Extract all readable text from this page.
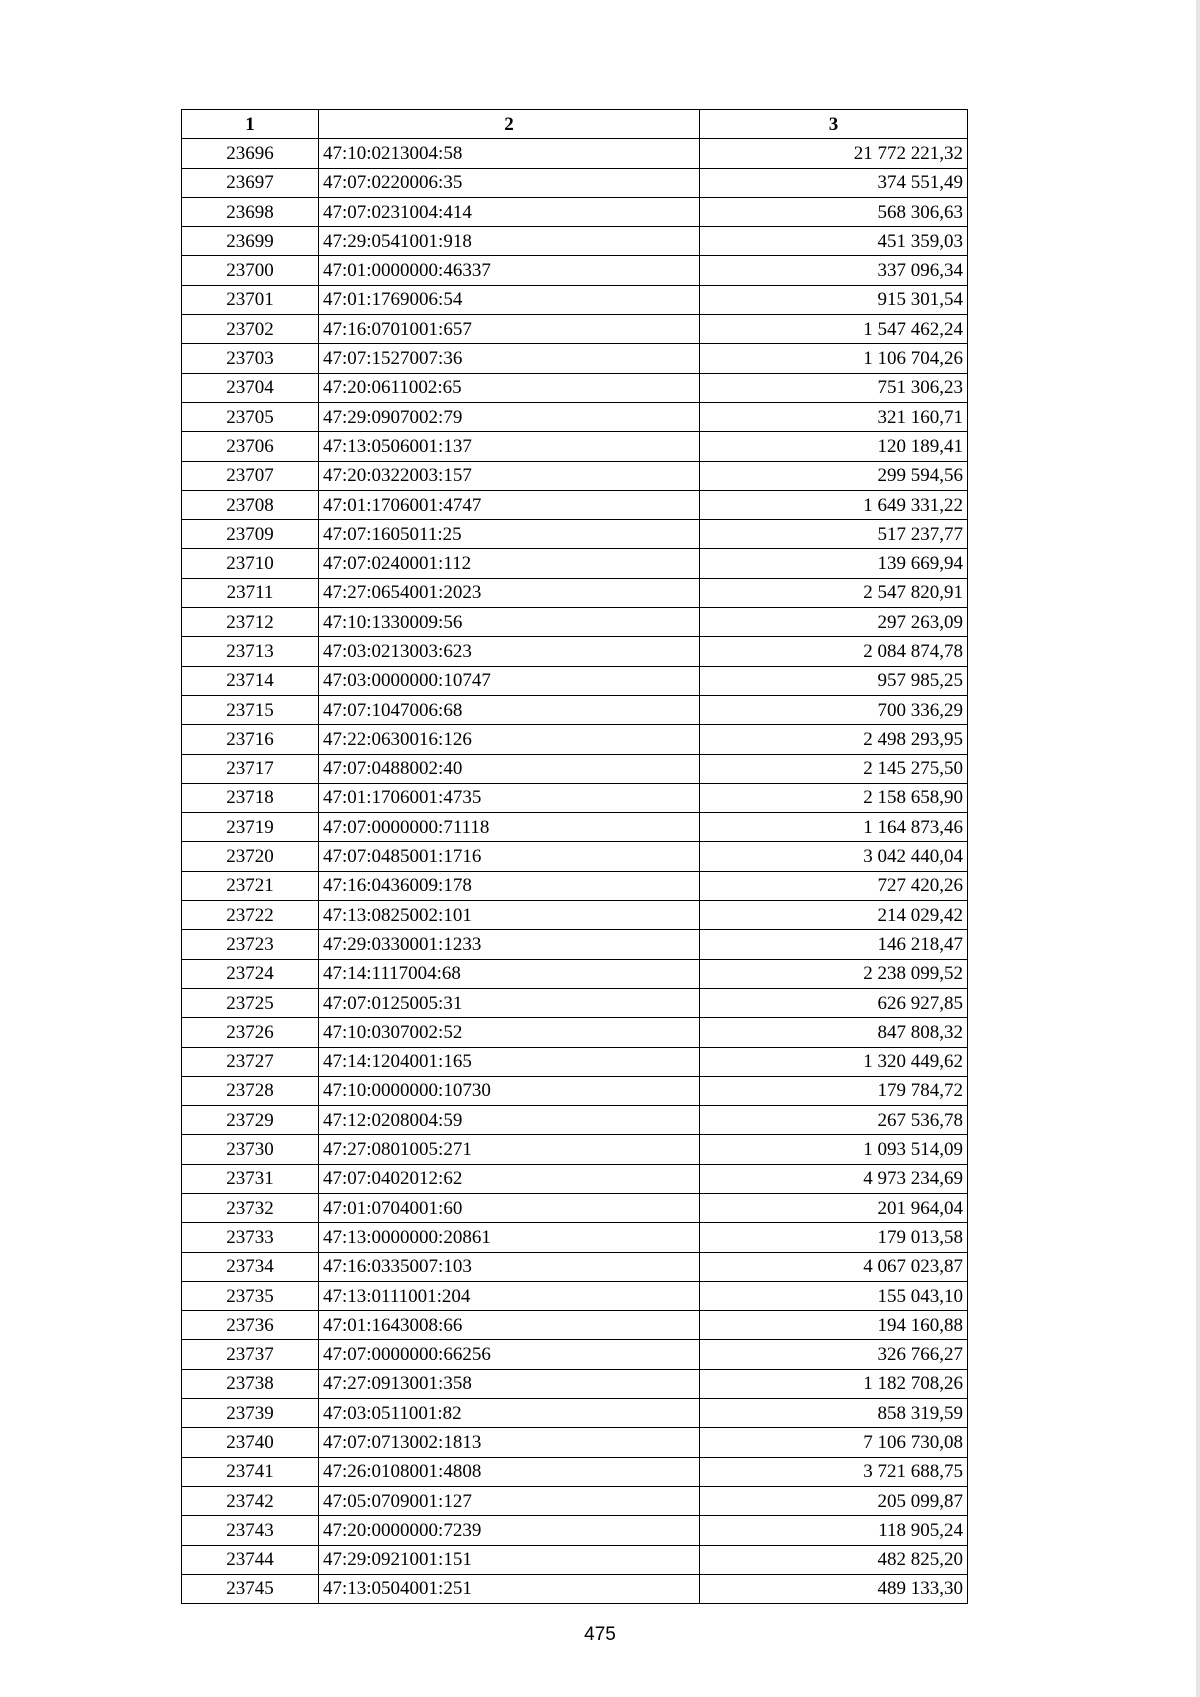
1	2	3
23696	47:10:0213004:58	21 772 221,32
23697	47:07:0220006:35	374 551,49
23698	47:07:0231004:414	568 306,63
23699	47:29:0541001:918	451 359,03
23700	47:01:0000000:46337	337 096,34
23701	47:01:1769006:54	915 301,54
23702	47:16:0701001:657	1 547 462,24
23703	47:07:1527007:36	1 106 704,26
23704	47:20:0611002:65	751 306,23
23705	47:29:0907002:79	321 160,71
23706	47:13:0506001:137	120 189,41
23707	47:20:0322003:157	299 594,56
23708	47:01:1706001:4747	1 649 331,22
23709	47:07:1605011:25	517 237,77
23710	47:07:0240001:112	139 669,94
23711	47:27:0654001:2023	2 547 820,91
23712	47:10:1330009:56	297 263,09
23713	47:03:0213003:623	2 084 874,78
23714	47:03:0000000:10747	957 985,25
23715	47:07:1047006:68	700 336,29
23716	47:22:0630016:126	2 498 293,95
23717	47:07:0488002:40	2 145 275,50
23718	47:01:1706001:4735	2 158 658,90
23719	47:07:0000000:71118	1 164 873,46
23720	47:07:0485001:1716	3 042 440,04
23721	47:16:0436009:178	727 420,26
23722	47:13:0825002:101	214 029,42
23723	47:29:0330001:1233	146 218,47
23724	47:14:1117004:68	2 238 099,52
23725	47:07:0125005:31	626 927,85
23726	47:10:0307002:52	847 808,32
23727	47:14:1204001:165	1 320 449,62
23728	47:10:0000000:10730	179 784,72
23729	47:12:0208004:59	267 536,78
23730	47:27:0801005:271	1 093 514,09
23731	47:07:0402012:62	4 973 234,69
23732	47:01:0704001:60	201 964,04
23733	47:13:0000000:20861	179 013,58
23734	47:16:0335007:103	4 067 023,87
23735	47:13:0111001:204	155 043,10
23736	47:01:1643008:66	194 160,88
23737	47:07:0000000:66256	326 766,27
23738	47:27:0913001:358	1 182 708,26
23739	47:03:0511001:82	858 319,59
23740	47:07:0713002:1813	7 106 730,08
23741	47:26:0108001:4808	3 721 688,75
23742	47:05:0709001:127	205 099,87
23743	47:20:0000000:7239	118 905,24
23744	47:29:0921001:151	482 825,20
23745	47:13:0504001:251	489 133,30
475
